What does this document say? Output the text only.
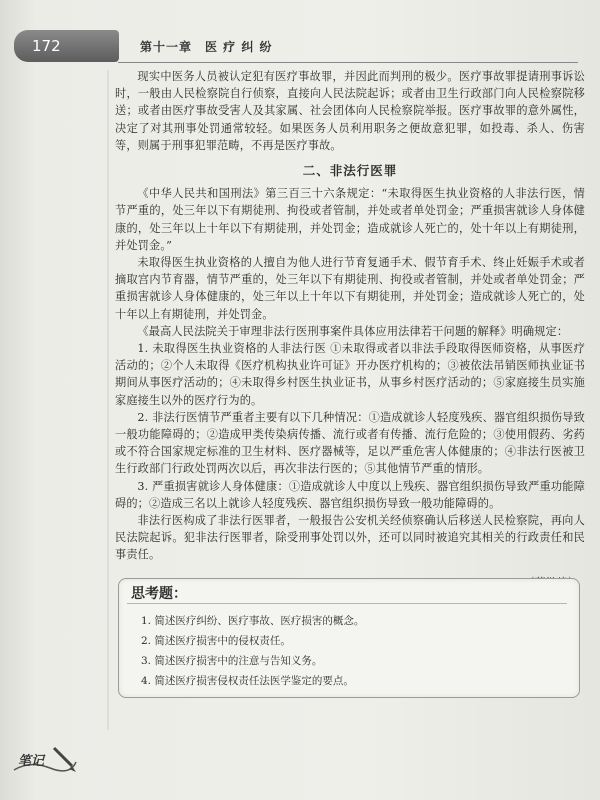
172	第十一章　医 疗 纠 纷

现实中医务人员被认定犯有医疗事故罪，并因此而判刑的极少。医疗事故罪提请刑事诉讼时，一般由人民检察院自行侦察，直接向人民法院起诉；或者由卫生行政部门向人民检察院移送；或者由医疗事故受害人及其家属、社会团体向人民检察院举报。医疗事故罪的意外属性，决定了对其刑事处罚通常较轻。如果医务人员利用职务之便故意犯罪，如投毒、杀人、伤害等，则属于刑事犯罪范畴，不再是医疗事故。

二、非法行医罪

《中华人民共和国刑法》第三百三十六条规定：“未取得医生执业资格的人非法行医，情节严重的，处三年以下有期徒刑、拘役或者管制，并处或者单处罚金；严重损害就诊人身体健康的，处三年以上十年以下有期徒刑，并处罚金；造成就诊人死亡的，处十年以上有期徒刑，并处罚金。”

未取得医生执业资格的人擅自为他人进行节育复通手术、假节育手术、终止妊娠手术或者摘取宫内节育器，情节严重的，处三年以下有期徒刑、拘役或者管制，并处或者单处罚金；严重损害就诊人身体健康的，处三年以上十年以下有期徒刑，并处罚金；造成就诊人死亡的，处十年以上有期徒刑，并处罚金。

《最高人民法院关于审理非法行医刑事案件具体应用法律若干问题的解释》明确规定：

1. 未取得医生执业资格的人非法行医 ①未取得或者以非法手段取得医师资格，从事医疗活动的；②个人未取得《医疗机构执业许可证》开办医疗机构的；③被依法吊销医师执业证书期间从事医疗活动的；④未取得乡村医生执业证书，从事乡村医疗活动的；⑤家庭接生员实施家庭接生以外的医疗行为的。

2. 非法行医情节严重者主要有以下几种情况：①造成就诊人轻度残疾、器官组织损伤导致一般功能障碍的；②造成甲类传染病传播、流行或者有传播、流行危险的；③使用假药、劣药或不符合国家规定标准的卫生材料、医疗器械等，足以严重危害人体健康的；④非法行医被卫生行政部门行政处罚两次以后，再次非法行医的；⑤其他情节严重的情形。

3. 严重损害就诊人身体健康：①造成就诊人中度以上残疾、器官组织损伤导致严重功能障碍的；②造成三名以上就诊人轻度残疾、器官组织损伤导致一般功能障碍的。

非法行医构成了非法行医罪者，一般报告公安机关经侦察确认后移送人民检察院，再向人民法院起诉。犯非法行医罪者，除受刑事处罚以外，还可以同时被追究其相关的行政责任和民事责任。

思考题：
1. 简述医疗纠纷、医疗事故、医疗损害的概念。
2. 简述医疗损害中的侵权责任。
3. 简述医疗损害中的注意与告知义务。
4. 简述医疗损害侵权责任法医学鉴定的要点。
笔记
